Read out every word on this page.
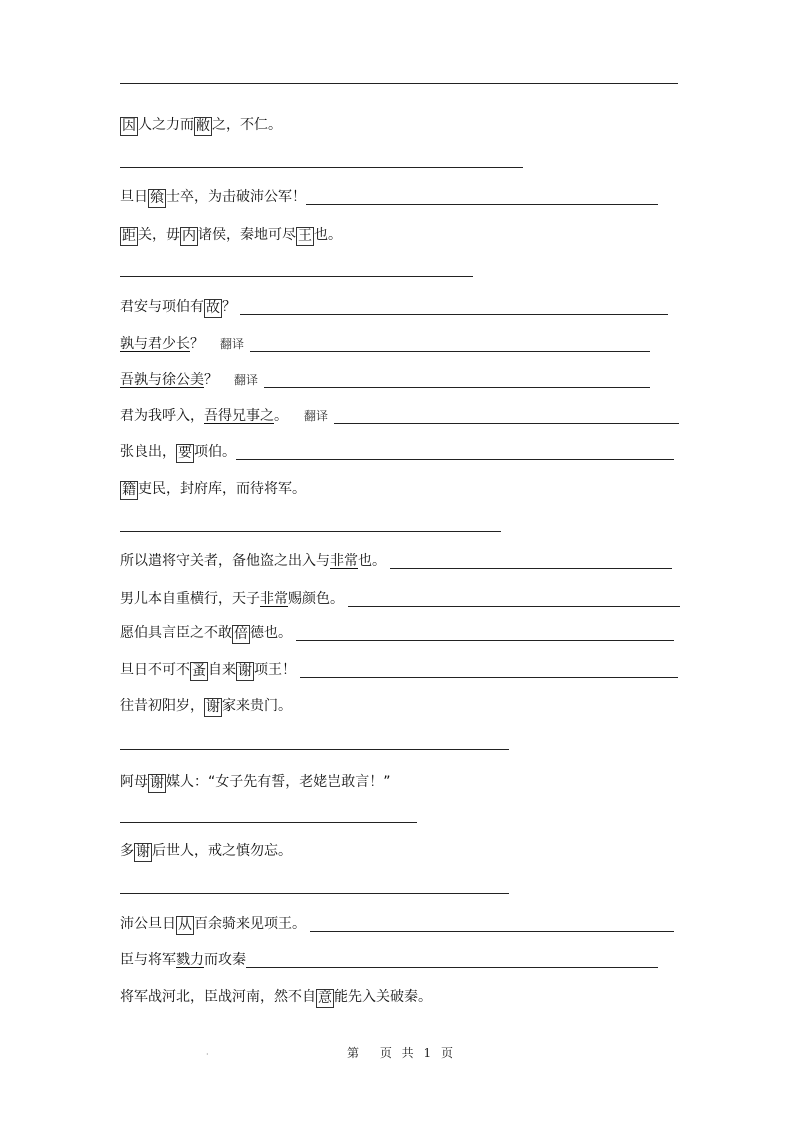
因 人之力而 敝 之，不仁。
旦日 飨 士卒，为击破沛公军！
距 关，毋 内 诸侯，秦地可尽 王 也。
君安与项伯有 故 ？
孰与君少长 ？ 翻译
吾孰与徐公美 ？ 翻译
君为我呼入， 吾得兄事之 。 翻译
张良出， 要 项伯。
籍 吏民，封府库，而待将军。
所以遣将守关者，备他盗之出入与 非常 也。
男儿本自重横行，天子 非常 赐颜色。
愿伯具言臣之不敢 倍 德也。
旦日不可不 蚤 自来 谢 项王！
往昔初阳岁， 谢 家来贵门。
阿母 谢 媒人：“女子先有誓，老姥岂敢言！”
多 谢 后世人，戒之慎勿忘。
沛公旦日 从 百余骑来见项王。
臣与将军 戮力 而攻秦
将军战河北，臣战河南，然不自 意 能先入关破秦。
·	第 页 共 1 页
